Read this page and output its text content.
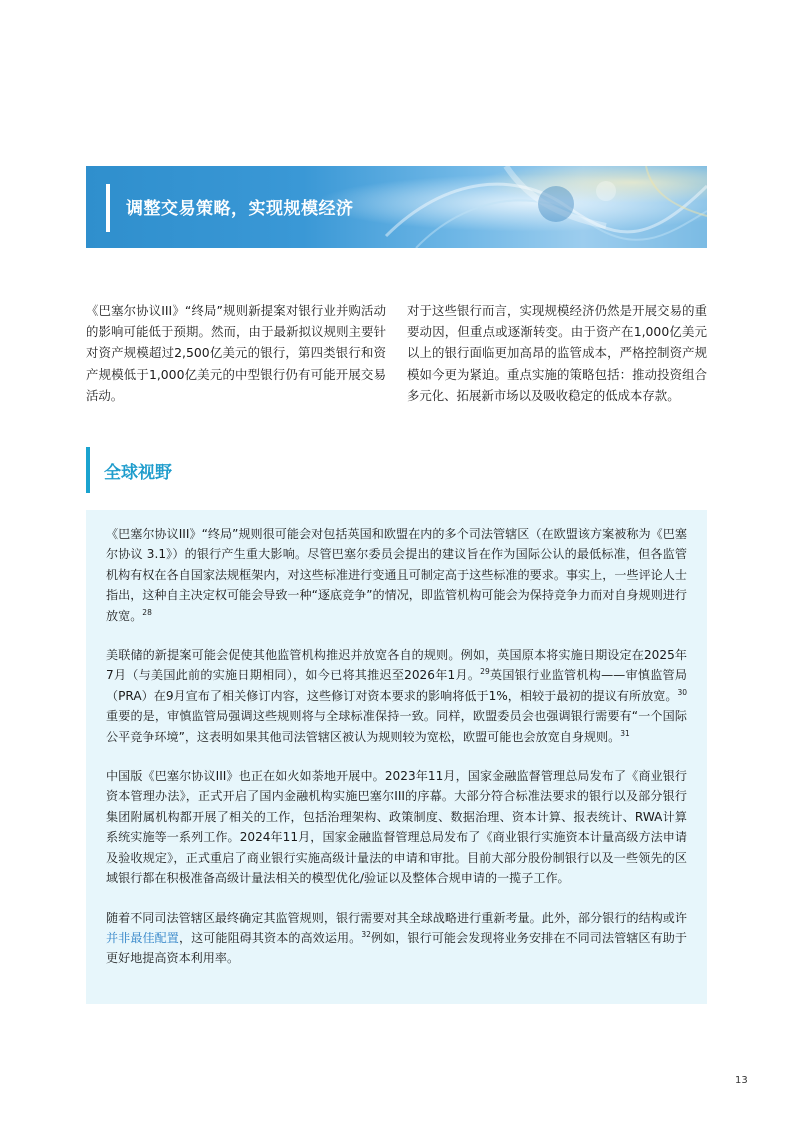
调整交易策略，实现规模经济
《巴塞尔协议III》“终局”规则新提案对银行业并购活动的影响可能低于预期。然而，由于最新拟议规则主要针对资产规模超过2,500亿美元的银行，第四类银行和资产规模低于1,000亿美元的中型银行仍有可能开展交易活动。
对于这些银行而言，实现规模经济仍然是开展交易的重要动因，但重点或逐渐转变。由于资产在1,000亿美元以上的银行面临更加高昂的监管成本，严格控制资产规模如今更为紧迫。重点实施的策略包括：推动投资组合多元化、拓展新市场以及吸收稳定的低成本存款。
全球视野

《巴塞尔协议III》“终局”规则很可能会对包括英国和欧盟在内的多个司法管辖区（在欧盟该方案被称为《巴塞尔协议 3.1》）的银行产生重大影响。尽管巴塞尔委员会提出的建议旨在作为国际公认的最低标准，但各监管机构有权在各自国家法规框架内，对这些标准进行变通且可制定高于这些标准的要求。事实上，一些评论人士指出，这种自主决定权可能会导致一种“逐底竞争”的情况，即监管机构可能会为保持竞争力而对自身规则进行放宽。$^{28}$

美联储的新提案可能会促使其他监管机构推迟并放宽各自的规则。例如，英国原本将实施日期设定在2025年7月（与美国此前的实施日期相同），如今已将其推迟至2026年1月。$^{29}$英国银行业监管机构——审慎监管局（PRA）在9月宣布了相关修订内容，这些修订对资本要求的影响将低于1%，相较于最初的提议有所放宽。$^{30}$重要的是，审慎监管局强调这些规则将与全球标准保持一致。同样，欧盟委员会也强调银行需要有“一个国际公平竞争环境”，这表明如果其他司法管辖区被认为规则较为宽松，欧盟可能也会放宽自身规则。$^{31}$

中国版《巴塞尔协议III》也正在如火如荼地开展中。2023年11月，国家金融监督管理总局发布了《商业银行资本管理办法》，正式开启了国内金融机构实施巴塞尔III的序幕。大部分符合标准法要求的银行以及部分银行集团附属机构都开展了相关的工作，包括治理架构、政策制度、数据治理、资本计算、报表统计、RWA计算系统实施等一系列工作。2024年11月，国家金融监督管理总局发布了《商业银行实施资本计量高级方法申请及验收规定》，正式重启了商业银行实施高级计量法的申请和审批。目前大部分股份制银行以及一些领先的区域银行都在积极准备高级计量法相关的模型优化/验证以及整体合规申请的一揽子工作。

随着不同司法管辖区最终确定其监管规则，银行需要对其全球战略进行重新考量。此外，部分银行的结构或许并非最佳配置，这可能阻碍其资本的高效运用。$^{32}$例如，银行可能会发现将业务安排在不同司法管辖区有助于更好地提高资本利用率。

13
